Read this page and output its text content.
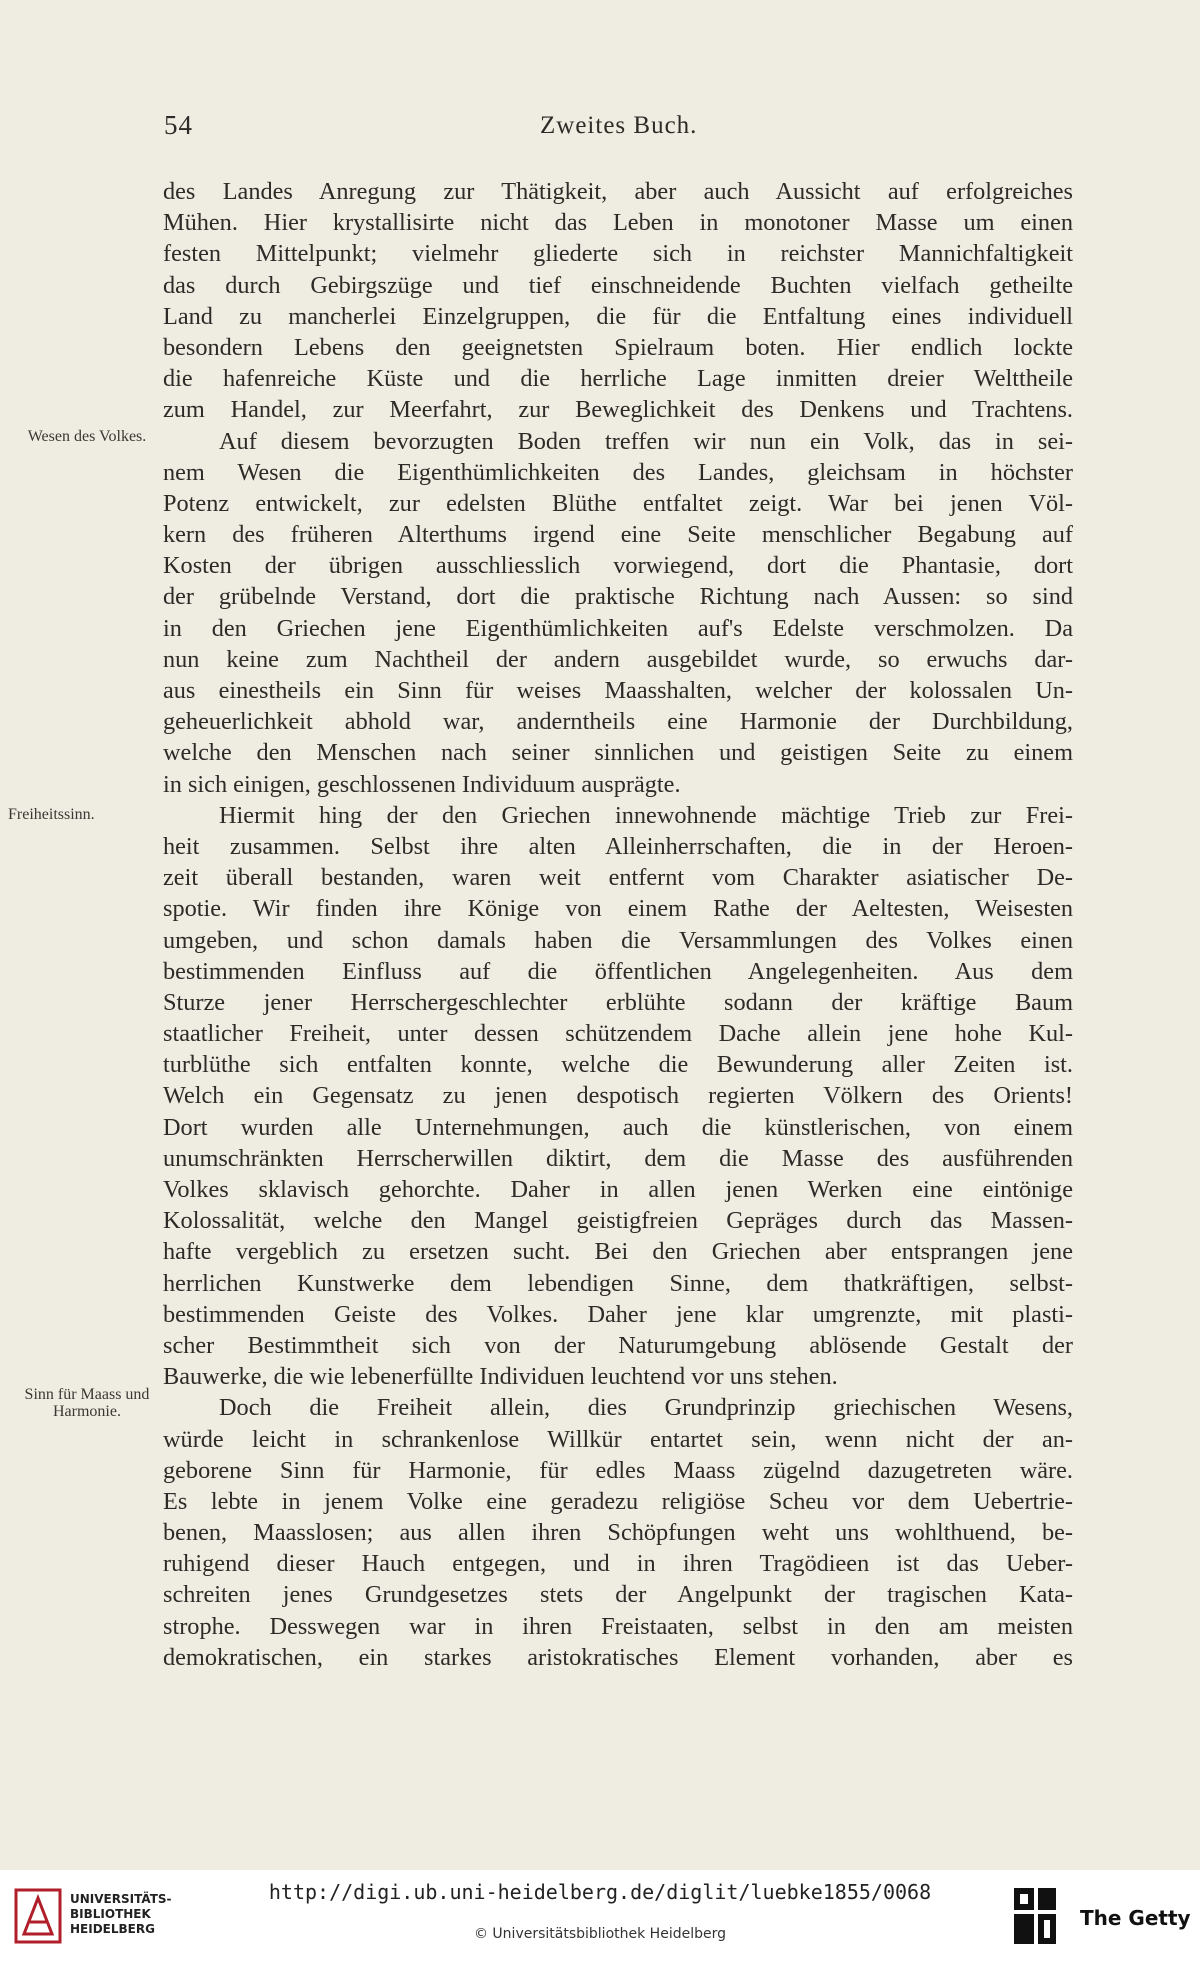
54	Zweites Buch.
Wesen des Volkes.
Freiheitssinn.
Sinn für Maass und Harmonie.
des Landes Anregung zur Thätigkeit, aber auch Aussicht auf erfolgreiches
Mühen. Hier krystallisirte nicht das Leben in monotoner Masse um einen
festen Mittelpunkt; vielmehr gliederte sich in reichster Mannichfaltigkeit
das durch Gebirgszüge und tief einschneidende Buchten vielfach getheilte
Land zu mancherlei Einzelgruppen, die für die Entfaltung eines individuell
besondern Lebens den geeignetsten Spielraum boten. Hier endlich lockte
die hafenreiche Küste und die herrliche Lage inmitten dreier Welttheile
zum Handel, zur Meerfahrt, zur Beweglichkeit des Denkens und Trachtens.
Auf diesem bevorzugten Boden treffen wir nun ein Volk, das in sei-
nem Wesen die Eigenthümlichkeiten des Landes, gleichsam in höchster
Potenz entwickelt, zur edelsten Blüthe entfaltet zeigt. War bei jenen Völ-
kern des früheren Alterthums irgend eine Seite menschlicher Begabung auf
Kosten der übrigen ausschliesslich vorwiegend, dort die Phantasie, dort
der grübelnde Verstand, dort die praktische Richtung nach Aussen: so sind
in den Griechen jene Eigenthümlichkeiten auf's Edelste verschmolzen. Da
nun keine zum Nachtheil der andern ausgebildet wurde, so erwuchs dar-
aus einestheils ein Sinn für weises Maasshalten, welcher der kolossalen Un-
geheuerlichkeit abhold war, anderntheils eine Harmonie der Durchbildung,
welche den Menschen nach seiner sinnlichen und geistigen Seite zu einem
in sich einigen, geschlossenen Individuum ausprägte.
Hiermit hing der den Griechen innewohnende mächtige Trieb zur Frei-
heit zusammen. Selbst ihre alten Alleinherrschaften, die in der Heroen-
zeit überall bestanden, waren weit entfernt vom Charakter asiatischer De-
spotie. Wir finden ihre Könige von einem Rathe der Aeltesten, Weisesten
umgeben, und schon damals haben die Versammlungen des Volkes einen
bestimmenden Einfluss auf die öffentlichen Angelegenheiten. Aus dem
Sturze jener Herrschergeschlechter erblühte sodann der kräftige Baum
staatlicher Freiheit, unter dessen schützendem Dache allein jene hohe Kul-
turblüthe sich entfalten konnte, welche die Bewunderung aller Zeiten ist.
Welch ein Gegensatz zu jenen despotisch regierten Völkern des Orients!
Dort wurden alle Unternehmungen, auch die künstlerischen, von einem
unumschränkten Herrscherwillen diktirt, dem die Masse des ausführenden
Volkes sklavisch gehorchte. Daher in allen jenen Werken eine eintönige
Kolossalität, welche den Mangel geistigfreien Gepräges durch das Massen-
hafte vergeblich zu ersetzen sucht. Bei den Griechen aber entsprangen jene
herrlichen Kunstwerke dem lebendigen Sinne, dem thatkräftigen, selbst-
bestimmenden Geiste des Volkes. Daher jene klar umgrenzte, mit plasti-
scher Bestimmtheit sich von der Naturumgebung ablösende Gestalt der
Bauwerke, die wie lebenerfüllte Individuen leuchtend vor uns stehen.
Doch die Freiheit allein, dies Grundprinzip griechischen Wesens,
würde leicht in schrankenlose Willkür entartet sein, wenn nicht der an-
geborene Sinn für Harmonie, für edles Maass zügelnd dazugetreten wäre.
Es lebte in jenem Volke eine geradezu religiöse Scheu vor dem Uebertrie-
benen, Maasslosen; aus allen ihren Schöpfungen weht uns wohlthuend, be-
ruhigend dieser Hauch entgegen, und in ihren Tragödieen ist das Ueber-
schreiten jenes Grundgesetzes stets der Angelpunkt der tragischen Kata-
strophe. Desswegen war in ihren Freistaaten, selbst in den am meisten
demokratischen, ein starkes aristokratisches Element vorhanden, aber es
UNIVERSITÄTS-
BIBLIOTHEK
HEIDELBERG
http://digi.ub.uni-heidelberg.de/diglit/luebke1855/0068
© Universitätsbibliothek Heidelberg
The Getty
